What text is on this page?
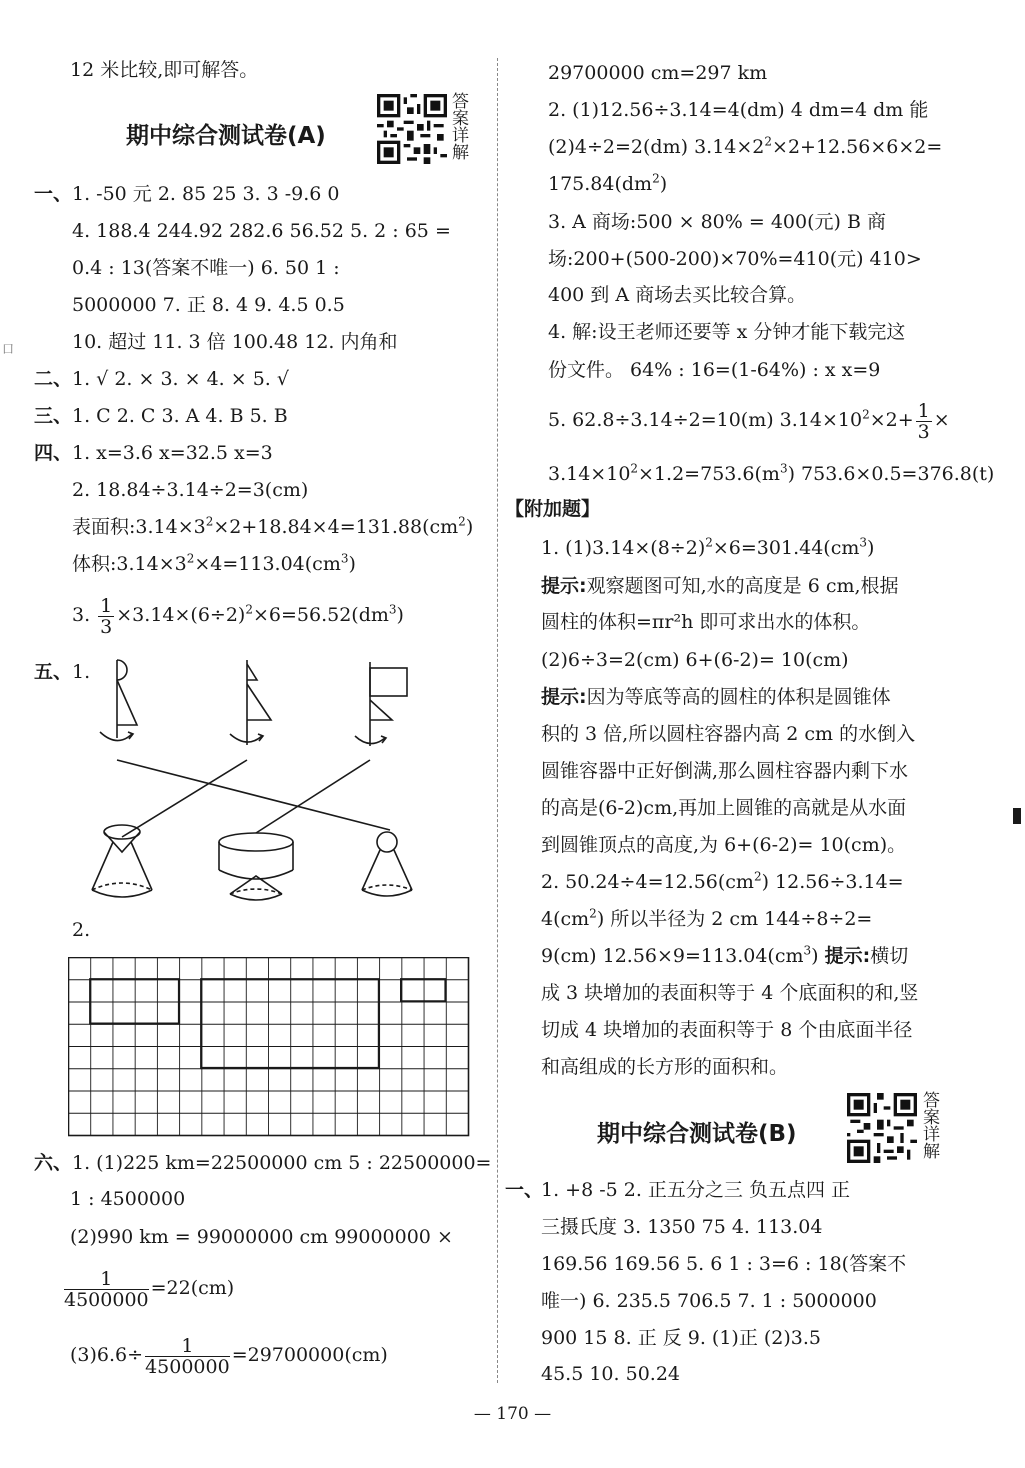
口
12 米比较,即可解答。
期中综合测试卷(A)
答案详解
一、 1. -50 元 2. 85 25 3. 3 -9.6 0
4. 188.4 244.92 282.6 56.52 5. 2 : 65 =
0.4 : 13(答案不唯一) 6. 50 1 :
5000000 7. 正 8. 4 9. 4.5 0.5
10. 超过 11. 3 倍 100.48 12. 内角和
二、 1. √ 2. × 3. × 4. × 5. √
三、 1. C 2. C 3. A 4. B 5. B
四、 1. x=3.6 x=32.5 x=3
2. 18.84÷3.14÷2=3(cm)
表面积$:3.14\times 3^2\times 2+18.84\times 4=131.88(cm^2)$
体积$:3.14\times 3^2\times 4=113.04(cm^3)$
3. $\frac{1}{3} \times 3.14\times(6\div 2)^2\times 6=56.52(dm^3)$
五、 1.
2.
六、 1. (1)225 km=22500000 cm 5 : 22500000=
1 : 4500000
(2)990 km = 99000000 cm 99000000 ×
$\frac{1}{4500000} =22(cm)$
$(3)6.6\div \frac{1}{4500000} =29700000(cm)$
29700000 cm=297 km
2. (1)12.56÷3.14=4(dm) 4 dm=4 dm 能
(2)4÷2=2(dm) $3.14\times 2^2\times 2+12.56\times 6\times 2=$
$175.84(dm^2)$
3. A 商场:500 × 80% = 400(元) B 商
场:200+(500-200)×70%=410(元) 410>
400 到 A 商场去买比较合算。
4. 解:设王老师还要等 x 分钟才能下载完这
份文件。 64% : 16=(1-64%) : x x=9
5. 62.8÷3.14÷2=10(m) $3.14\times 10^2\times 2+ \frac{1}{3}$ ×
$3.14\times 10^2\times 1.2=753.6(m^3)$ 753.6×0.5=376.8(t)
【附加题】
1. $(1)3.14\times(8\div 2)^2\times 6=301.44(cm^3)$
提示:观察题图可知,水的高度是 6 cm,根据
圆柱的体积=πr²h 即可求出水的体积。
(2)6÷3=2(cm) 6+(6-2)= 10(cm)
提示:因为等底等高的圆柱的体积是圆锥体
积的 3 倍,所以圆柱容器内高 2 cm 的水倒入
圆锥容器中正好倒满,那么圆柱容器内剩下水
的高是(6-2)cm,再加上圆锥的高就是从水面
到圆锥顶点的高度,为 6+(6-2)= 10(cm)。
2. $50.24\div 4=12.56(cm^2)$ 12.56÷3.14=
$4(cm^2)$ 所以半径为 2 cm 144÷8÷2=
9(cm) $12.56\times 9=113.04(cm^3)$ 提示:横切
成 3 块增加的表面积等于 4 个底面积的和,竖
切成 4 块增加的表面积等于 8 个由底面半径
和高组成的长方形的面积和。
期中综合测试卷(B)
答案详解
一、
1. +8 -5 2. 正五分之三 负五点四 正
三摄氏度 3. 1350 75 4. 113.04
169.56 169.56 5. 6 1 : 3=6 : 18(答案不
唯一) 6. 235.5 706.5 7. 1 : 5000000
900 15 8. 正 反 9. (1)正 (2)3.5
45.5 10. 50.24
— 170 —
